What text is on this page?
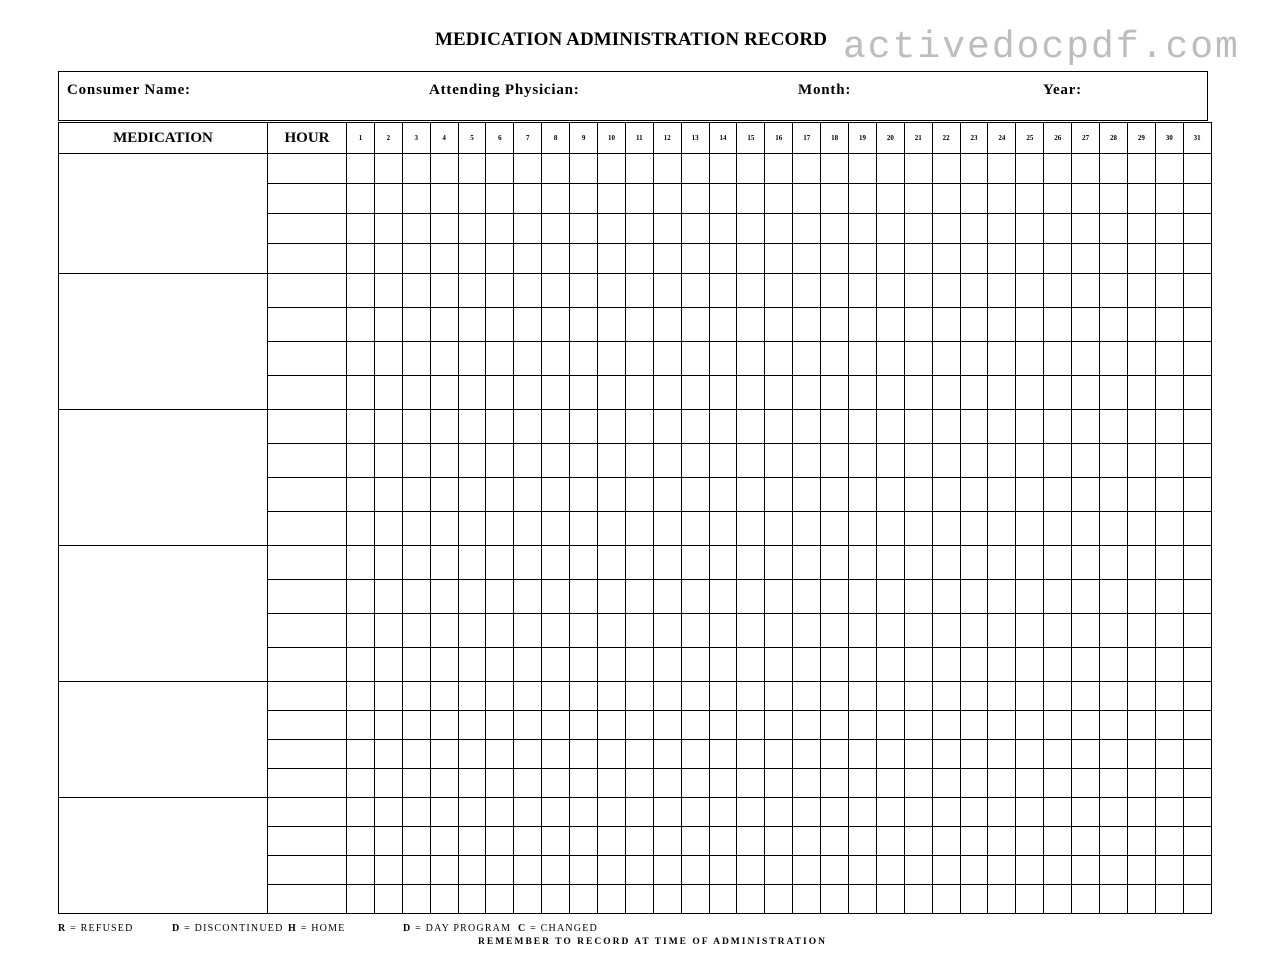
MEDICATION ADMINISTRATION RECORD activedocpdf.com
Consumer Name:	Attending Physician:	Month:	Year:
MEDICATION	HOUR	1	2	3	4	5	6	7	8	9	10	11	12	13	14	15	16	17	18	19	20	21	22	23	24	25	26	27	28	29	30	31

R = REFUSED	D = DISCONTINUED H = HOME	D = DAY PROGRAM C = CHANGED
REMEMBER TO RECORD AT TIME OF ADMINISTRATION
